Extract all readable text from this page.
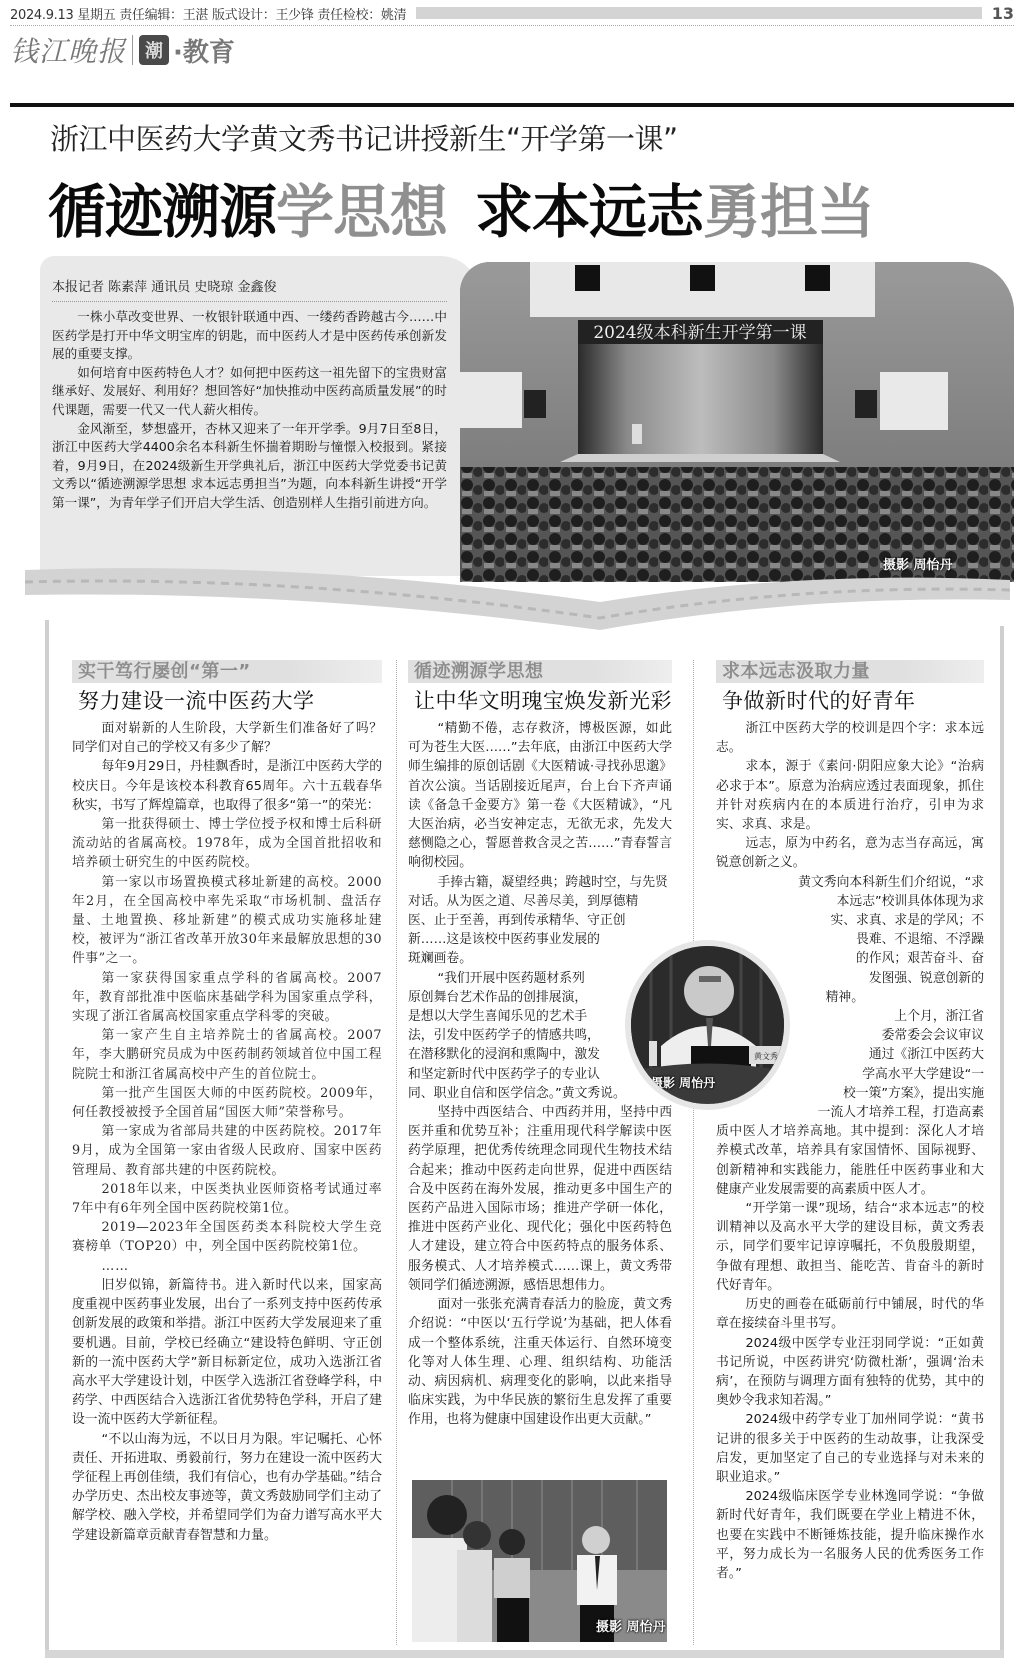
2024.9.13 星期五 责任编辑：王湛 版式设计：王少锋 责任检校：姚清	13
钱江晚报	潮 ·教育
浙江中医药大学黄文秀书记讲授新生“开学第一课”
循迹溯源学思想 求本远志勇担当
本报记者 陈素萍 通讯员 史晓琼 金鑫俊

一株小草改变世界、一枚银针联通中西、一缕药香跨越古今……中医药学是打开中华文明宝库的钥匙，而中医药人才是中医药传承创新发展的重要支撑。

如何培育中医药特色人才？如何把中医药这一祖先留下的宝贵财富继承好、发展好、利用好？想回答好“加快推动中医药高质量发展”的时代课题，需要一代又一代人薪火相传。

金风渐至，梦想盛开，杏林又迎来了一年开学季。9月7日至8日，浙江中医药大学4400余名本科新生怀揣着期盼与憧憬入校报到。紧接着，9月9日，在2024级新生开学典礼后，浙江中医药大学党委书记黄文秀以“循迹溯源学思想 求本远志勇担当”为题，向本科新生讲授“开学第一课”，为青年学子们开启大学生活、创造别样人生指引前进方向。

2024级本科新生开学第一课
摄影 周怡丹
实干笃行屡创“第一”
努力建设一流中医药大学

面对崭新的人生阶段，大学新生们准备好了吗？同学们对自己的学校又有多少了解？

每年9月29日，丹桂飘香时，是浙江中医药大学的校庆日。今年是该校本科教育65周年。六十五载春华秋实，书写了辉煌篇章，也取得了很多“第一”的荣光：

第一批获得硕士、博士学位授予权和博士后科研流动站的省属高校。1978年，成为全国首批招收和培养硕士研究生的中医药院校。

第一家以市场置换模式移址新建的高校。2000年2月，在全国高校中率先采取“市场机制、盘活存量、土地置换、移址新建”的模式成功实施移址建校，被评为“浙江省改革开放30年来最解放思想的30件事”之一。

第一家获得国家重点学科的省属高校。2007年，教育部批准中医临床基础学科为国家重点学科，实现了浙江省属高校国家重点学科零的突破。

第一家产生自主培养院士的省属高校。2007年，李大鹏研究员成为中医药制药领域首位中国工程院院士和浙江省属高校中产生的首位院士。

第一批产生国医大师的中医药院校。2009年，何任教授被授予全国首届“国医大师”荣誉称号。

第一家成为省部局共建的中医药院校。2017年9月，成为全国第一家由省级人民政府、国家中医药管理局、教育部共建的中医药院校。

2018年以来，中医类执业医师资格考试通过率7年中有6年列全国中医药院校第1位。

2019—2023年全国医药类本科院校大学生竞赛榜单（TOP20）中，列全国中医药院校第1位。

……

旧岁似锦，新篇待书。进入新时代以来，国家高度重视中医药事业发展，出台了一系列支持中医药传承创新发展的政策和举措。浙江中医药大学发展迎来了重要机遇。目前，学校已经确立“建设特色鲜明、守正创新的一流中医药大学”新目标新定位，成功入选浙江省高水平大学建设计划，中医学入选浙江省登峰学科，中药学、中西医结合入选浙江省优势特色学科，开启了建设一流中医药大学新征程。

“不以山海为远，不以日月为限。牢记嘱托、心怀责任、开拓进取、勇毅前行，努力在建设一流中医药大学征程上再创佳绩，我们有信心，也有办学基础。”结合办学历史、杰出校友事迹等，黄文秀鼓励同学们主动了解学校、融入学校，并希望同学们为奋力谱写高水平大学建设新篇章贡献青春智慧和力量。

循迹溯源学思想
让中华文明瑰宝焕发新光彩

“精勤不倦，志存救济，博极医源，如此可为苍生大医……”去年底，由浙江中医药大学师生编排的原创话剧《大医精诚·寻找孙思邈》首次公演。当话剧接近尾声，台上台下齐声诵读《备急千金要方》第一卷《大医精诚》，“凡大医治病，必当安神定志，无欲无求，先发大慈恻隐之心，誓愿普救含灵之苦……”青春誓言响彻校园。

手捧古籍，凝望经典；跨越时空，与先贤
对话。从为医之道、尽善尽美，到厚德精
医、止于至善，再到传承精华、守正创
新……这是该校中医药事业发展的
斑斓画卷。

“我们开展中医药题材系列
原创舞台艺术作品的创排展演，
是想以大学生喜闻乐见的艺术手
法，引发中医药学子的情感共鸣，
在潜移默化的浸润和熏陶中，激发
和坚定新时代中医药学子的专业认
同、职业自信和医学信念。”黄文秀说。

坚持中西医结合、中西药并用，坚持中西医并重和优势互补；注重用现代科学解读中医药学原理，把优秀传统理念同现代生物技术结合起来；推动中医药走向世界，促进中西医结合及中医药在海外发展，推动更多中国生产的医药产品进入国际市场；推进产学研一体化，推进中医药产业化、现代化；强化中医药特色人才建设，建立符合中医药特点的服务体系、服务模式、人才培养模式……课上，黄文秀带领同学们循迹溯源，感悟思想伟力。

面对一张张充满青春活力的脸庞，黄文秀介绍说：“中医以‘五行学说’为基础，把人体看成一个整体系统，注重天体运行、自然环境变化等对人体生理、心理、组织结构、功能活动、病因病机、病理变化的影响，以此来指导临床实践，为中华民族的繁衍生息发挥了重要作用，也将为健康中国建设作出更大贡献。”

黄文秀
摄影 周怡丹
求本远志汲取力量
争做新时代的好青年

浙江中医药大学的校训是四个字：求本远志。

求本，源于《素问·阴阳应象大论》“治病必求于本”。原意为治病应透过表面现象，抓住并针对疾病内在的本质进行治疗，引申为求实、求真、求是。

远志，原为中药名，意为志当存高远，寓锐意创新之义。

黄文秀向本科新生们介绍说，“求
本远志”校训具体体现为求
实、求真、求是的学风；不
畏难、不退缩、不浮躁
的作风；艰苦奋斗、奋
发图强、锐意创新的
精神。

上个月，浙江省
委常委会会议审议
通过《浙江中医药大
学高水平大学建设“一
校一策”方案》，提出实施
一流人才培养工程，打造高素

质中医人才培养高地。其中提到：深化人才培养模式改革，培养具有家国情怀、国际视野、创新精神和实践能力，能胜任中医药事业和大健康产业发展需要的高素质中医人才。

“开学第一课”现场，结合“求本远志”的校训精神以及高水平大学的建设目标，黄文秀表示，同学们要牢记谆谆嘱托，不负殷殷期望，争做有理想、敢担当、能吃苦、肯奋斗的新时代好青年。

历史的画卷在砥砺前行中铺展，时代的华章在接续奋斗里书写。

2024级中医学专业汪羽同学说：“正如黄书记所说，中医药讲究‘防微杜渐’，强调‘治未病’，在预防与调理方面有独特的优势，其中的奥妙令我求知若渴。”

2024级中药学专业丁加州同学说：“黄书记讲的很多关于中医药的生动故事，让我深受启发，更加坚定了自己的专业选择与对未来的职业追求。”

2024级临床医学专业林逸同学说：“争做新时代好青年，我们既要在学业上精进不休，也要在实践中不断锤炼技能，提升临床操作水平，努力成长为一名服务人民的优秀医务工作者。”

摄影 周怡丹
